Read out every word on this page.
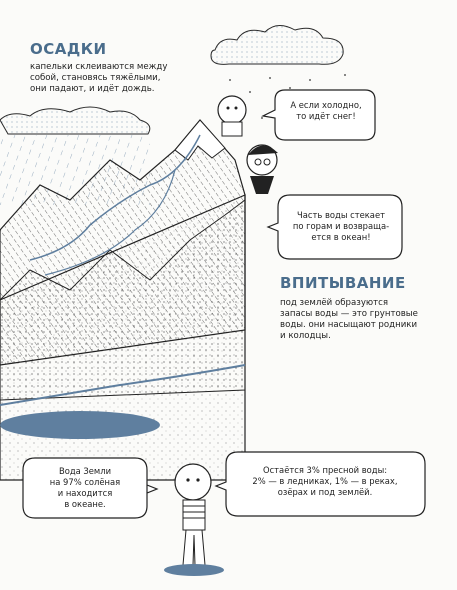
ОСАДКИ
капельки склеиваются между
собой, становясь тяжёлыми,
они падают, и идёт дождь.
А если холодно,
то идёт снег!
Часть воды стекает
по горам и возвраща-
ется в океан!
ВПИТЫВАНИЕ
под землёй образуются
запасы воды — это грунтовые
воды. они насыщают родники
и колодцы.
Вода Земли
на 97% солёная
и находится
в океане.
Остаётся 3% пресной воды:
2% — в ледниках, 1% — в реках,
озёрах и под землёй.
